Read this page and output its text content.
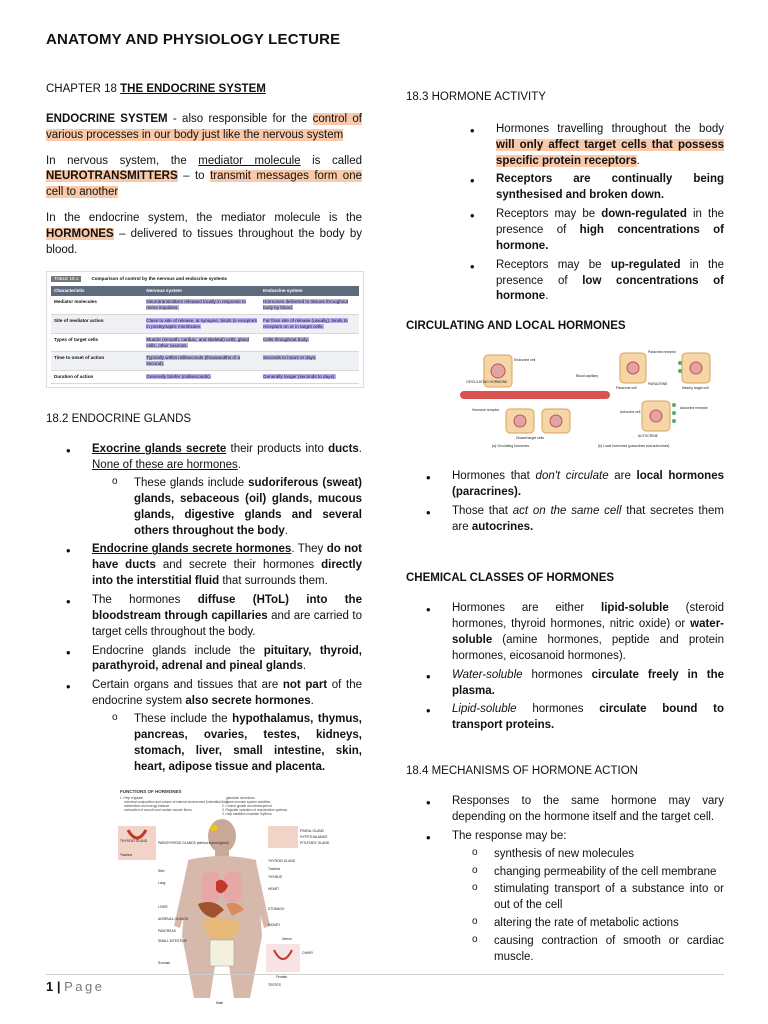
ANATOMY AND PHYSIOLOGY LECTURE
CHAPTER 18 THE ENDOCRINE SYSTEM

ENDOCRINE SYSTEM - also responsible for the control of various processes in our body just like the nervous system

In nervous system, the mediator molecule is called NEUROTRANSMITTERS – to transmit messages form one cell to another

In the endocrine system, the mediator molecule is the HORMONES – delivered to tissues throughout the body by blood.

TABLE 18.1	Comparison of control by the nervous and endocrine systems
Characteristic	Nervous system	Endocrine system
Mediator molecules	Neurotransmitters released locally in response to nerve impulses.	Hormones delivered to tissues throughout body by blood.
Site of mediator action	Close to site of release, at synapse; binds to receptors in postsynaptic membrane.	Far from site of release (usually); binds to receptors on or in target cells.
Types of target cells	Muscle (smooth, cardiac, and skeletal) cells, gland cells, other neurons.	Cells throughout body.
Time to onset of action	Typically within milliseconds (thousandths of a second).	Seconds to hours or days.
Duration of action	Generally briefer (milliseconds).	Generally longer (seconds to days).
18.2 ENDOCRINE GLANDS
• Exocrine glands secrete their products into ducts. None of these are hormones.
o These glands include sudoriferous (sweat) glands, sebaceous (oil) glands, mucous glands, digestive glands and several others throughout the body.
• Endocrine glands secrete hormones. They do not have ducts and secrete their hormones directly into the interstitial fluid that surrounds them.
• The hormones diffuse (HToL) into the bloodstream through capillaries and are carried to target cells throughout the body.
• Endocrine glands include the pituitary, thyroid, parathyroid, adrenal and pineal glands.
• Certain organs and tissues that are not part of the endocrine system also secrete hormones.
o These include the hypothalamus, thymus, pancreas, ovaries, testes, kidneys, stomach, liver, small intestine, skin, heart, adipose tissue and placenta.
FUNCTIONS OF HORMONES
1. Help regulate:
chemical composition and volume of internal environment (interstitial fluid).
metabolism and energy balance.
contraction of smooth and cardiac muscle fibers.
glandular secretions.
some immune system activities.
2. Control growth and development.
3. Regulate operation of reproductive systems.
4. Help establish circadian rhythms.
THYROID GLAND	PARATHYROID GLANDS (behind thyroid gland)
Trachea
Skin
Lung
LIVER
ADRENAL GLANDS
PANCREAS
SMALL INTESTINE
Scrotum
PINEAL GLAND
HYPOTHALAMUS
PITUITARY GLAND
THYROID GLAND
Trachea
THYMUS
HEART
STOMACH
KIDNEY
Uterus
OVARY
Female
TESTES
Male
18.3 HORMONE ACTIVITY
• Hormones travelling throughout the body will only affect target cells that possess specific protein receptors.
• Receptors are continually being synthesised and broken down.
• Receptors may be down-regulated in the presence of high concentrations of hormone.
• Receptors may be up-regulated in the presence of low concentrations of hormone.
CIRCULATING AND LOCAL HORMONES
Endocrine cell
CIRCULATING HORMONE
Blood capillary
Hormone receptor
Distant target cells
(a) Circulating hormones
Paracrine receptor
Paracrine cell
PARACRINE
Nearby target cell
Autocrine receptor
Autocrine cell
AUTOCRINE
(b) Local hormones (paracrines and autocrines)
• Hormones that don't circulate are local hormones (paracrines).
• Those that act on the same cell that secretes them are autocrines.
CHEMICAL CLASSES OF HORMONES
• Hormones are either lipid-soluble (steroid hormones, thyroid hormones, nitric oxide) or water-soluble (amine hormones, peptide and protein hormones, eicosanoid hormones).
• Water-soluble hormones circulate freely in the plasma.
• Lipid-soluble hormones circulate bound to transport proteins.
18.4 MECHANISMS OF HORMONE ACTION
• Responses to the same hormone may vary depending on the hormone itself and the target cell.
• The response may be:
o synthesis of new molecules
o changing permeability of the cell membrane
o stimulating transport of a substance into or out of the cell
o altering the rate of metabolic actions
o causing contraction of smooth or cardiac muscle.
1 | Page
